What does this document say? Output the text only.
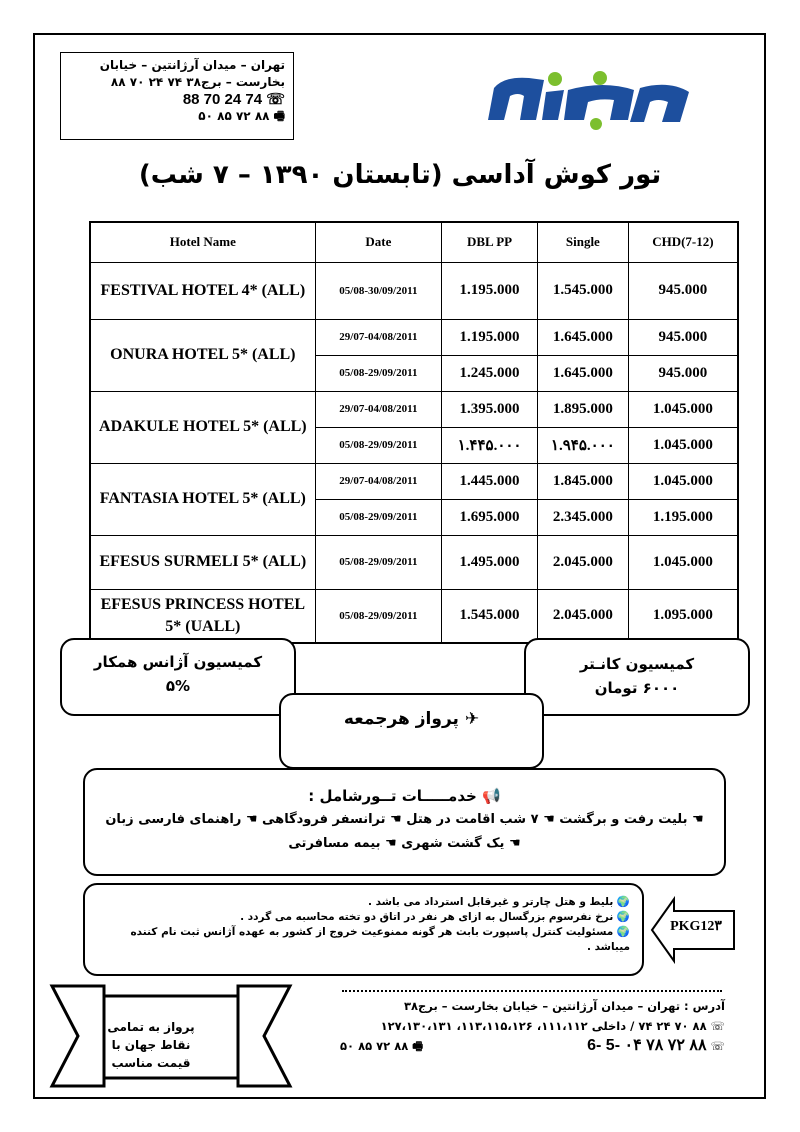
تهران – میدان آرژانتین – خیابان
بخارست – برج۳۸ ۷۴ ۲۴ ۷۰ ۸۸
☏ 88 70 24 74
🖷 ۸۸ ۷۲ ۸۵ ۵۰
تور کوش آداسی (تابستان ۱۳۹۰ – ۷ شب)
Hotel Name	Date	DBL PP	Single	CHD(7-12)
FESTIVAL HOTEL 4* (ALL)	05/08-30/09/2011	1.195.000	1.545.000	945.000
ONURA HOTEL 5* (ALL)	29/07-04/08/2011	1.195.000	1.645.000	945.000
	05/08-29/09/2011	1.245.000	1.645.000	945.000
ADAKULE HOTEL 5* (ALL)	29/07-04/08/2011	1.395.000	1.895.000	1.045.000
	05/08-29/09/2011	۱.۴۴۵.۰۰۰	۱.۹۴۵.۰۰۰	1.045.000
FANTASIA HOTEL 5* (ALL)	29/07-04/08/2011	1.445.000	1.845.000	1.045.000
	05/08-29/09/2011	1.695.000	2.345.000	1.195.000
EFESUS SURMELI 5* (ALL)	05/08-29/09/2011	1.495.000	2.045.000	1.045.000
EFESUS PRINCESS HOTEL 5* (UALL)	05/08-29/09/2011	1.545.000	2.045.000	1.095.000
کمیسیون آژانس همکار
۵%
کمیسیون کانـتر
۶۰۰۰ تومان
✈ پرواز هرجمعه
📢 خدمـــــات تــورشامل :
☚ بلیت رفت و برگشت ☚ ۷ شب اقامت در هتل ☚ ترانسفر فرودگاهی ☚ راهنمای فارسی زبان
☚ یک گشت شهری ☚ بیمه مسافرتی
🌍 بلیط و هتل چارتر و غیرقابل استرداد می باشد .
🌍 نرخ نفرسوم بزرگسال به ازای هر نفر در اتاق دو تخته محاسبه می گردد .
🌍 مسئولیت کنترل پاسپورت بابت هر گونه ممنوعیت خروج از کشور به عهده آژانس ثبت نام کننده میباشد .
PKG12۳
آدرس : تهران – میدان آرژانتین – خیابان بخارست – برج۳۸
☏ ۸۸ ۷۰ ۲۴ ۷۴ / داخلی ۱۱۱،۱۱۲، ۱۱۳،۱۱۵،۱۲۶، ۱۲۷،۱۳۰،۱۳۱
☏ ۸۸ ۷۲ ۷۸ ۰۴ -5 -6
🖷 ۸۸ ۷۲ ۸۵ ۵۰
پرواز به تمامی نقاط جهان با قیمت مناسب
